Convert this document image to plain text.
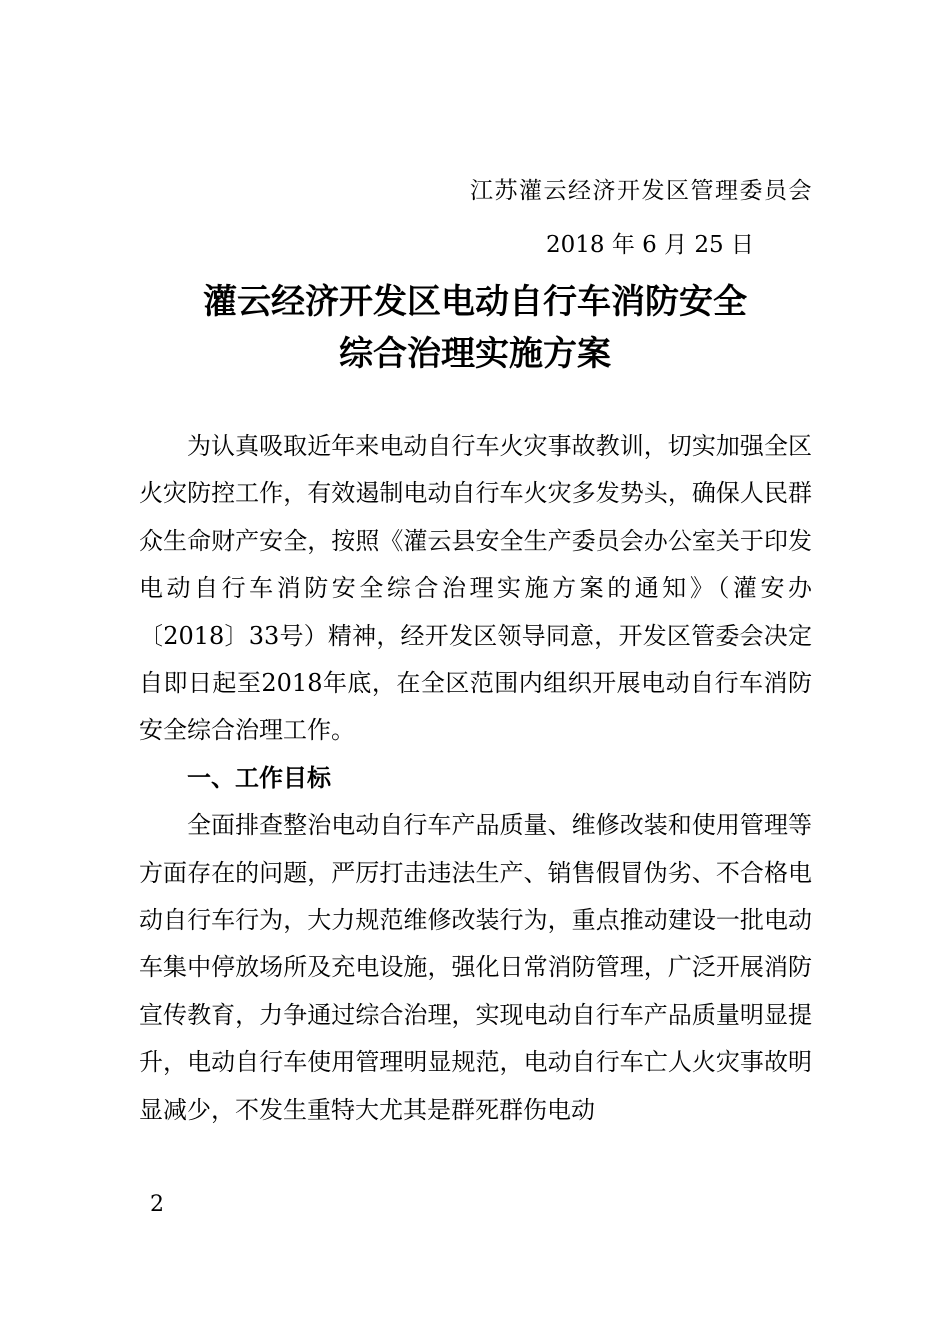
江苏灌云经济开发区管理委员会
2018 年 6 月 25 日
灌云经济开发区电动自行车消防安全
综合治理实施方案

为认真吸取近年来电动自行车火灾事故教训，切实加强全区火灾防控工作，有效遏制电动自行车火灾多发势头，确保人民群众生命财产安全，按照《灌云县安全生产委员会办公室关于印发电动自行车消防安全综合治理实施方案的通知》（灌安办〔2018〕33号）精神，经开发区领导同意，开发区管委会决定自即日起至2018年底，在全区范围内组织开展电动自行车消防安全综合治理工作。

一、工作目标

全面排查整治电动自行车产品质量、维修改装和使用管理等方面存在的问题，严厉打击违法生产、销售假冒伪劣、不合格电动自行车行为，大力规范维修改装行为，重点推动建设一批电动车集中停放场所及充电设施，强化日常消防管理，广泛开展消防宣传教育，力争通过综合治理，实现电动自行车产品质量明显提升，电动自行车使用管理明显规范，电动自行车亡人火灾事故明显减少，不发生重特大尤其是群死群伤电动

2
